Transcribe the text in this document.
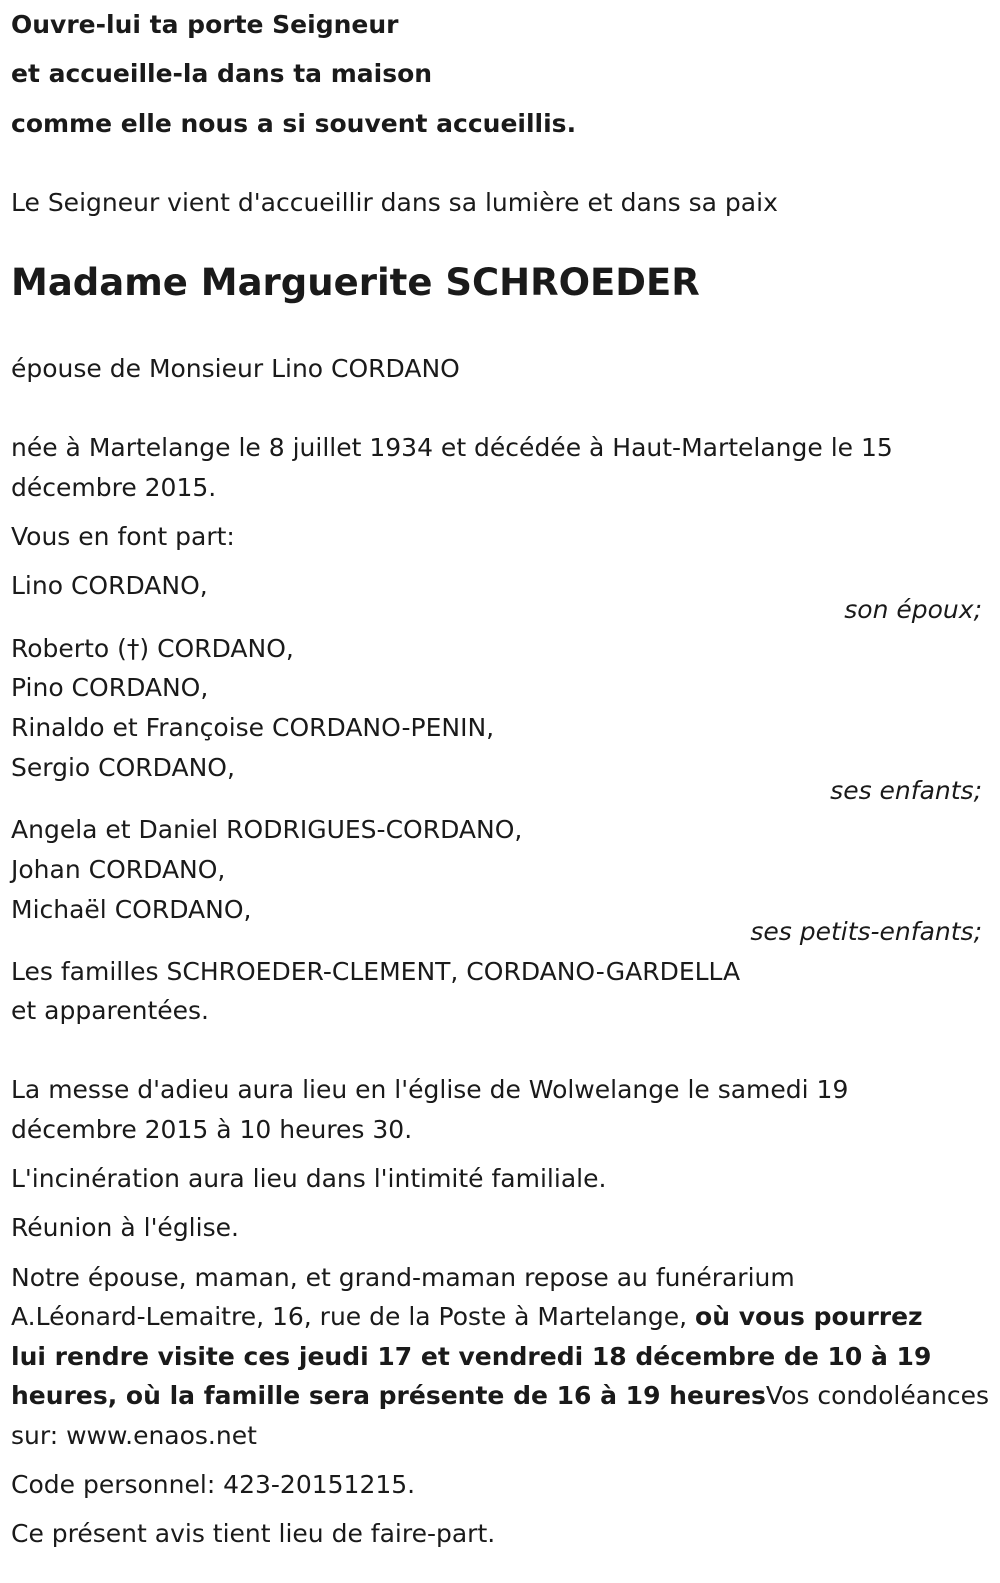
Ouvre-lui ta porte Seigneur
et accueille-la dans ta maison
comme elle nous a si souvent accueillis.
Le Seigneur vient d'accueillir dans sa lumière et dans sa paix
Madame Marguerite SCHROEDER
épouse de Monsieur Lino CORDANO
née à Martelange le 8 juillet 1934 et décédée à Haut-Martelange le 15
décembre 2015.
Vous en font part:
Lino CORDANO,
son époux;
Roberto (†) CORDANO,
Pino CORDANO,
Rinaldo et Françoise CORDANO-PENIN,
Sergio CORDANO,
ses enfants;
Angela et Daniel RODRIGUES-CORDANO,
Johan CORDANO,
Michaël CORDANO,
ses petits-enfants;
Les familles SCHROEDER-CLEMENT, CORDANO-GARDELLA
et apparentées.
La messe d'adieu aura lieu en l'église de Wolwelange le samedi 19
décembre 2015 à 10 heures 30.
L'incinération aura lieu dans l'intimité familiale.
Réunion à l'église.
Notre épouse, maman, et grand-maman repose au funérarium
A.Léonard-Lemaitre, 16, rue de la Poste à Martelange, où vous pourrez
lui rendre visite ces jeudi 17 et vendredi 18 décembre de 10 à 19
heures, où la famille sera présente de 16 à 19 heuresVos condoléances
sur: www.enaos.net
Code personnel: 423-20151215.
Ce présent avis tient lieu de faire-part.
